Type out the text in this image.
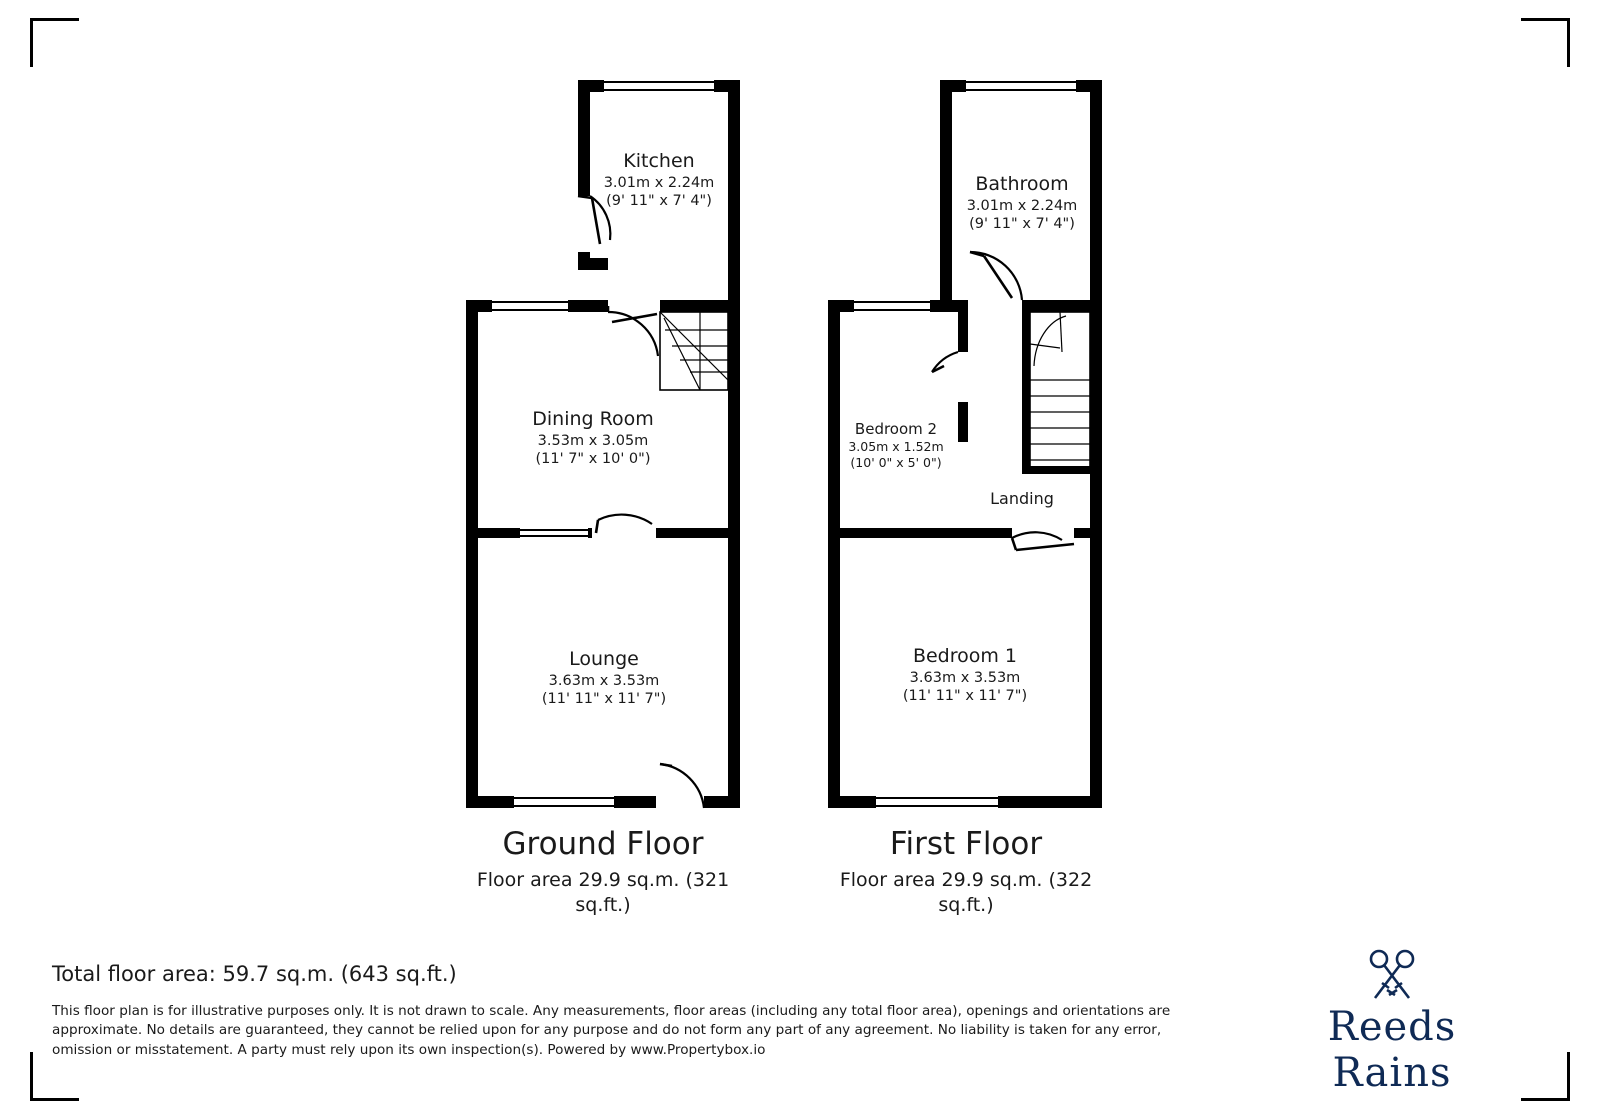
Kitchen
3.01m x 2.24m
(9' 11" x 7' 4")
Dining Room
3.53m x 3.05m
(11' 7" x 10' 0")
Lounge
3.63m x 3.53m
(11' 11" x 11' 7")
Bathroom
3.01m x 2.24m
(9' 11" x 7' 4")
Bedroom 2
3.05m x 1.52m
(10' 0" x 5' 0")
Landing
Bedroom 1
3.63m x 3.53m
(11' 11" x 11' 7")
Ground Floor
Floor area 29.9 sq.m. (321 sq.ft.)
First Floor
Floor area 29.9 sq.m. (322 sq.ft.)
Total floor area: 59.7 sq.m. (643 sq.ft.)
This floor plan is for illustrative purposes only. It is not drawn to scale. Any measurements, floor areas (including any total floor area), openings and orientations are approximate. No details are guaranteed, they cannot be relied upon for any purpose and do not form any part of any agreement. No liability is taken for any error, omission or misstatement. A party must rely upon its own inspection(s). Powered by www.Propertybox.io	Reeds Rains
